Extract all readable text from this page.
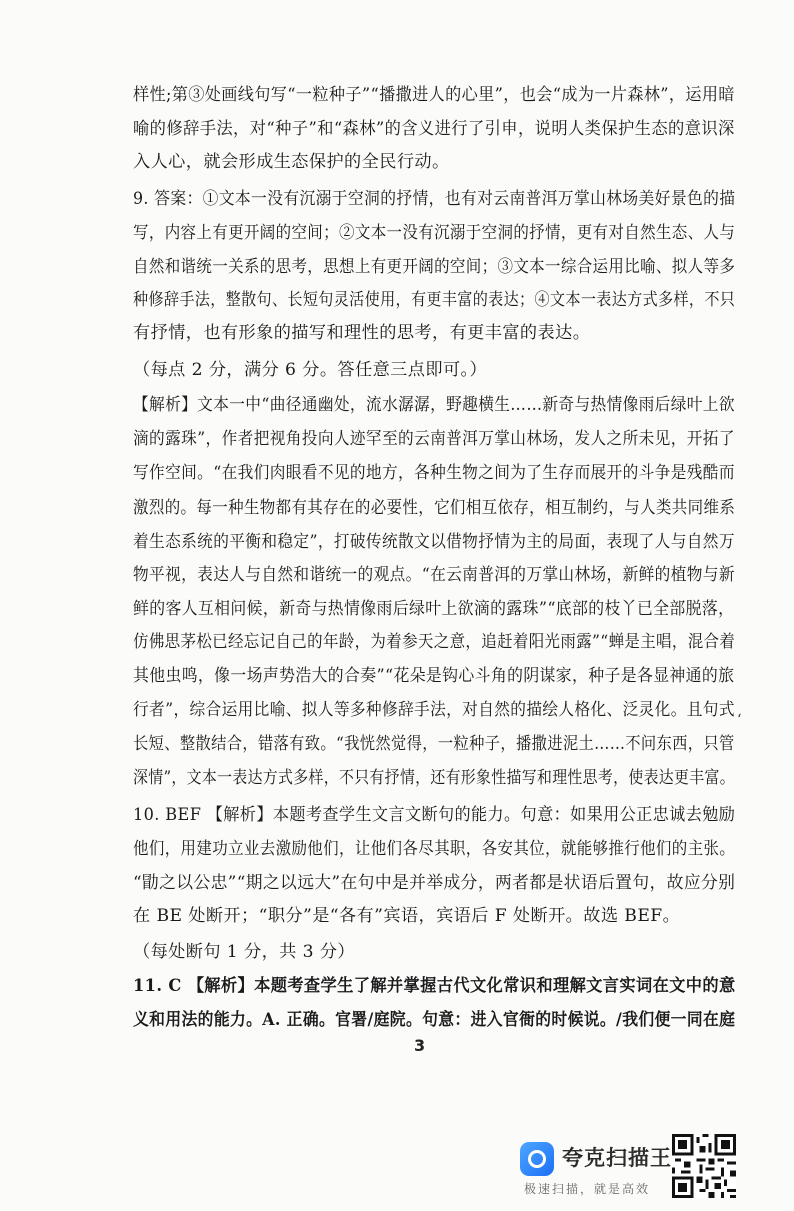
样性;第③处画线句写“一粒种子”“播撒进人的心里”，也会“成为一片森林”，运用暗
喻的修辞手法，对“种子”和“森林”的含义进行了引申，说明人类保护生态的意识深
入人心，就会形成生态保护的全民行动。
9. 答案：①文本一没有沉溺于空洞的抒情，也有对云南普洱万掌山林场美好景色的描
写，内容上有更开阔的空间；②文本一没有沉溺于空洞的抒情，更有对自然生态、人与
自然和谐统一关系的思考，思想上有更开阔的空间；③文本一综合运用比喻、拟人等多
种修辞手法，整散句、长短句灵活使用，有更丰富的表达；④文本一表达方式多样，不只
有抒情，也有形象的描写和理性的思考，有更丰富的表达。
（每点 2 分，满分 6 分。答任意三点即可。）
【解析】文本一中“曲径通幽处，流水潺潺，野趣横生……新奇与热情像雨后绿叶上欲
滴的露珠”，作者把视角投向人迹罕至的云南普洱万掌山林场，发人之所未见，开拓了
写作空间。“在我们肉眼看不见的地方，各种生物之间为了生存而展开的斗争是残酷而
激烈的。每一种生物都有其存在的必要性，它们相互依存，相互制约，与人类共同维系
着生态系统的平衡和稳定”，打破传统散文以借物抒情为主的局面，表现了人与自然万
物平视，表达人与自然和谐统一的观点。“在云南普洱的万掌山林场，新鲜的植物与新
鲜的客人互相问候，新奇与热情像雨后绿叶上欲滴的露珠”“底部的枝丫已全部脱落，
仿佛思茅松已经忘记自己的年龄，为着参天之意，追赶着阳光雨露”“蝉是主唱，混合着
其他虫鸣，像一场声势浩大的合奏”“花朵是钩心斗角的阴谋家，种子是各显神通的旅
行者”，综合运用比喻、拟人等多种修辞手法，对自然的描绘人格化、泛灵化。且句式
长短、整散结合，错落有致。“我恍然觉得，一粒种子，播撒进泥土……不问东西，只管
深情”，文本一表达方式多样，不只有抒情，还有形象性描写和理性思考，使表达更丰富。
10. BEF 【解析】本题考查学生文言文断句的能力。句意：如果用公正忠诚去勉励
他们，用建功立业去激励他们，让他们各尽其职，各安其位，就能够推行他们的主张。
“勖之以公忠”“期之以远大”在句中是并举成分，两者都是状语后置句，故应分别
在 BE 处断开；“职分”是“各有”宾语，宾语后 F 处断开。故选 BEF。
（每处断句 1 分，共 3 分）
11. C 【解析】本题考查学生了解并掌握古代文化常识和理解文言实词在文中的意
义和用法的能力。A. 正确。官署/庭院。句意：进入官衙的时候说。/我们便一同在庭
ʻ
3
夸克扫描王
极速扫描，就是高效
